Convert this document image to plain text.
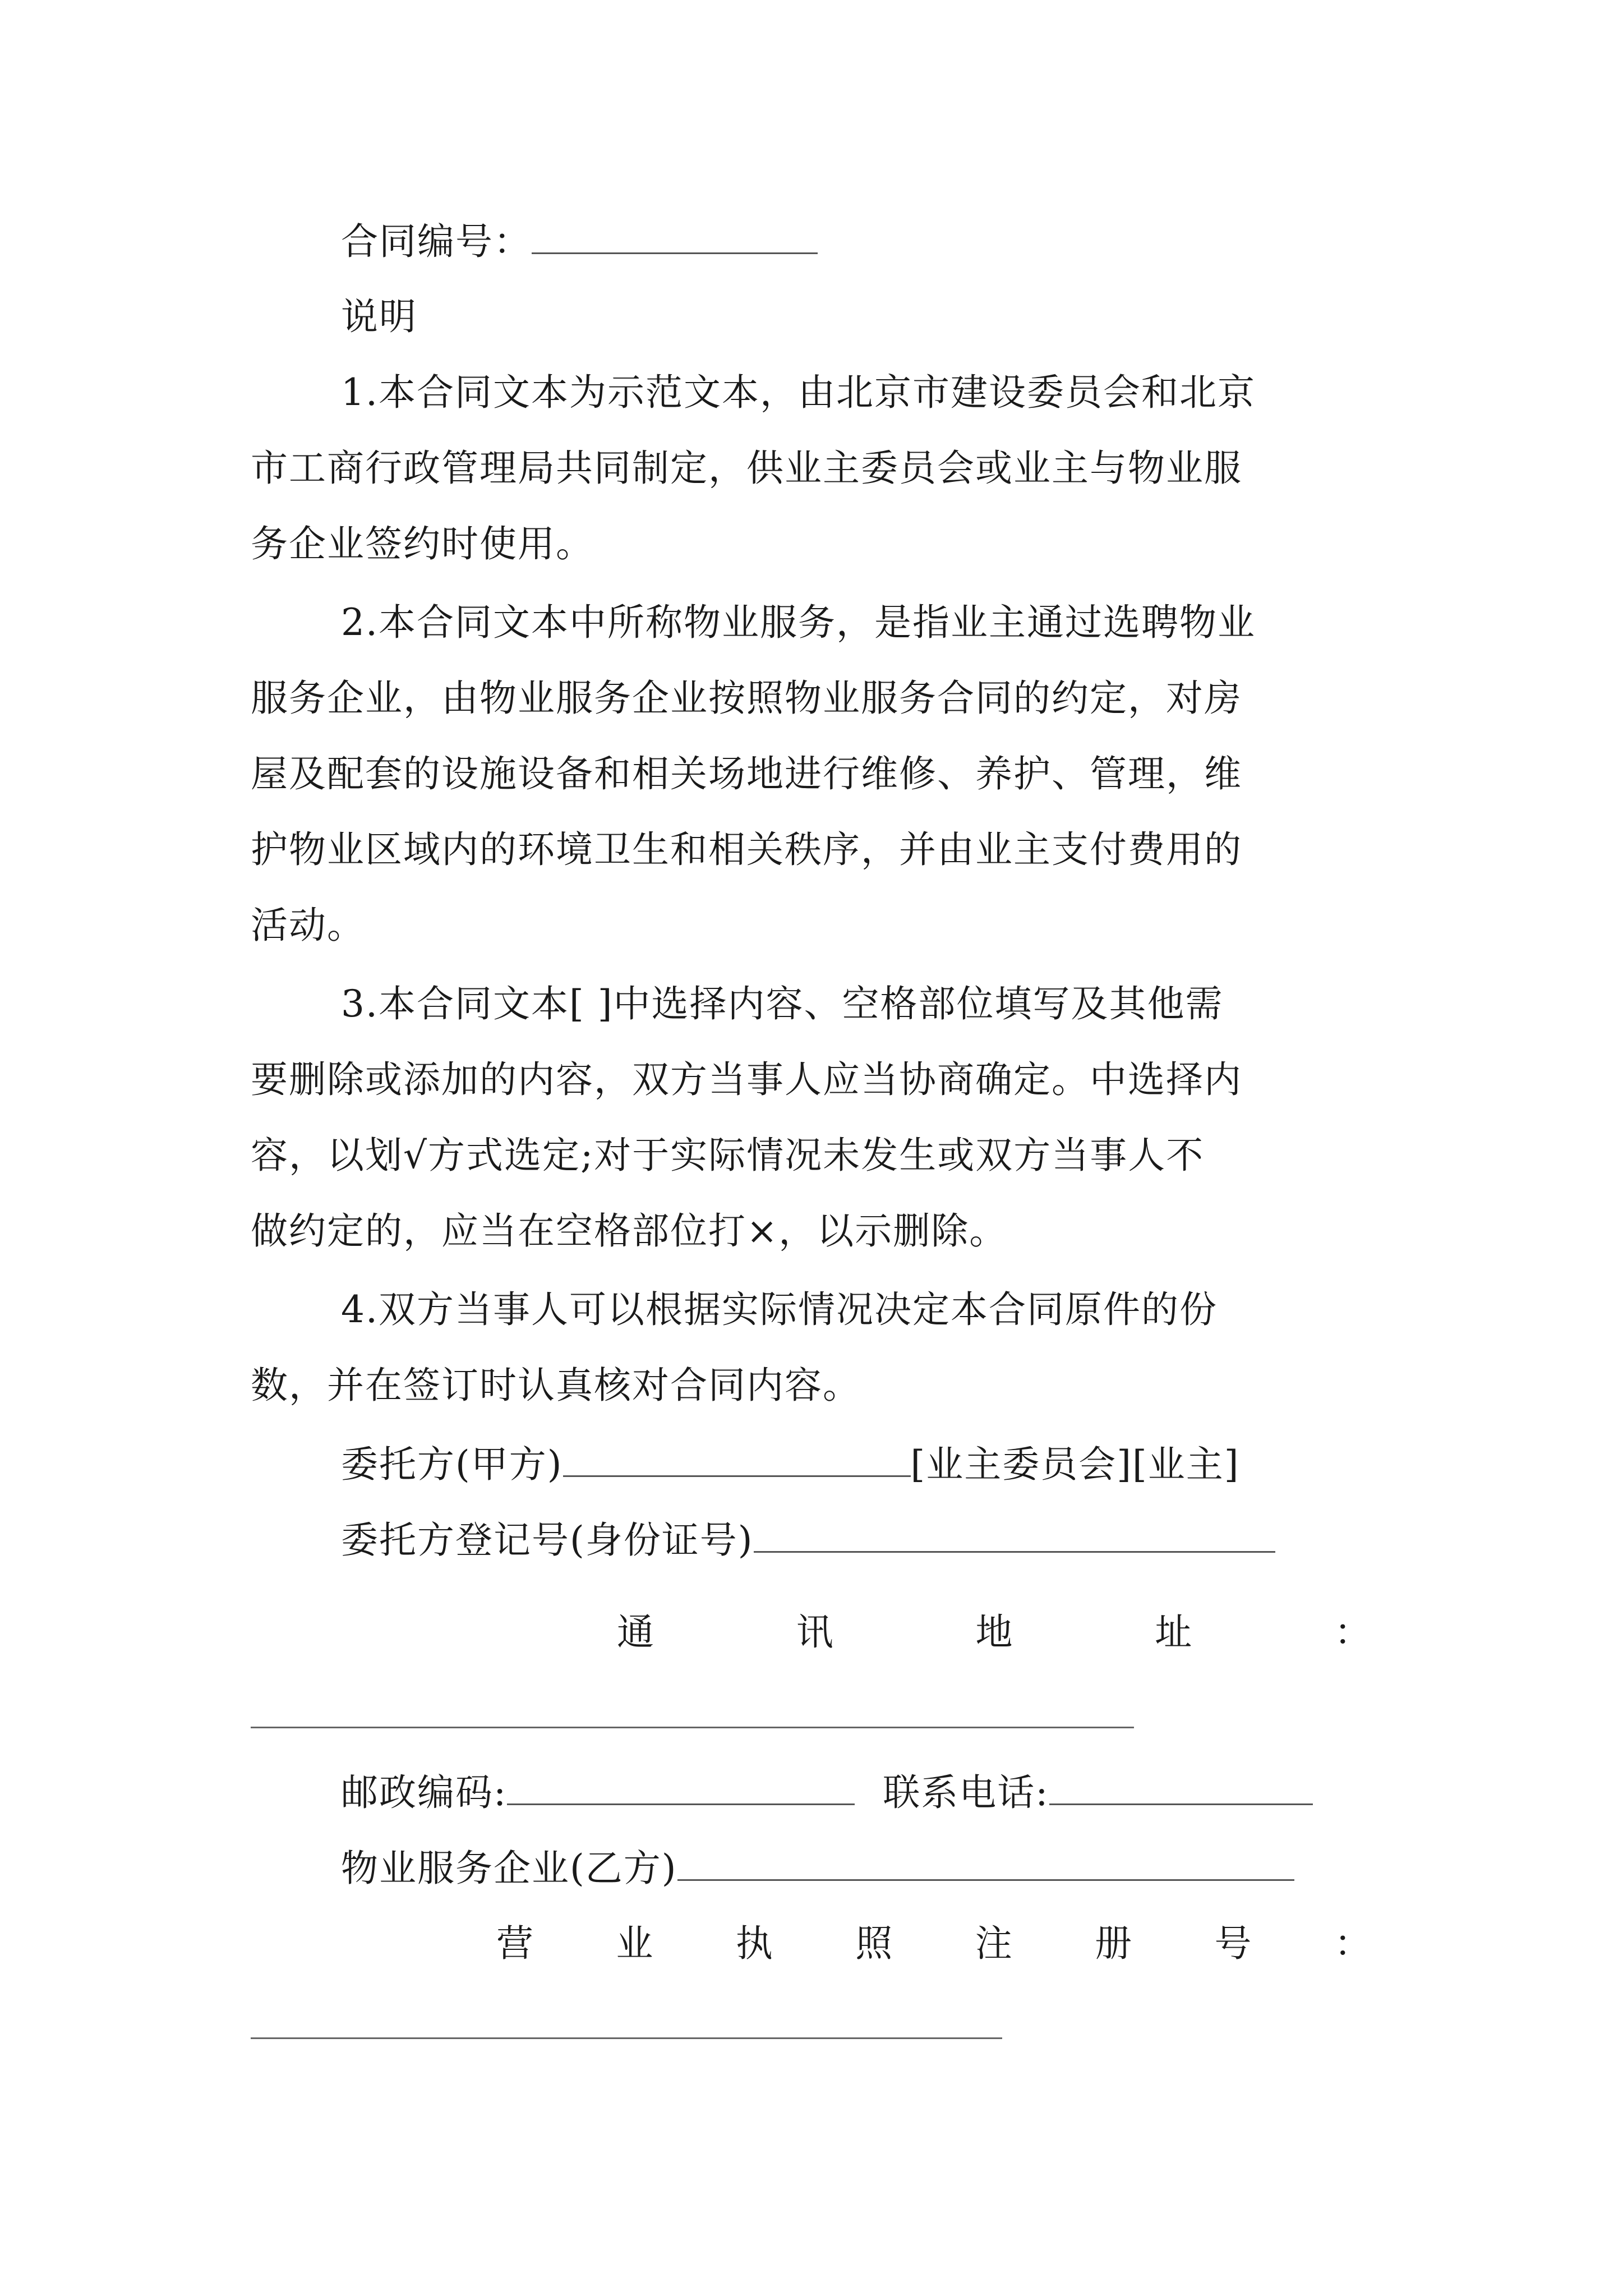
合同编号：
说明
1.本合同文本为示范文本，由北京市建设委员会和北京
市工商行政管理局共同制定，供业主委员会或业主与物业服
务企业签约时使用。
2.本合同文本中所称物业服务，是指业主通过选聘物业
服务企业，由物业服务企业按照物业服务合同的约定，对房
屋及配套的设施设备和相关场地进行维修、养护、管理，维
护物业区域内的环境卫生和相关秩序，并由业主支付费用的
活动。
3.本合同文本[ ]中选择内容、空格部位填写及其他需
要删除或添加的内容，双方当事人应当协商确定。中选择内
容，以划√方式选定;对于实际情况未发生或双方当事人不
做约定的，应当在空格部位打×，以示删除。
4.双方当事人可以根据实际情况决定本合同原件的份
数，并在签订时认真核对合同内容。
委托方(甲方)	[业主委员会][业主]
委托方登记号(身份证号)
通	讯	地	址	：
邮政编码:	联系电话:
物业服务企业(乙方)
营 业 执 照 注 册 号 ：
